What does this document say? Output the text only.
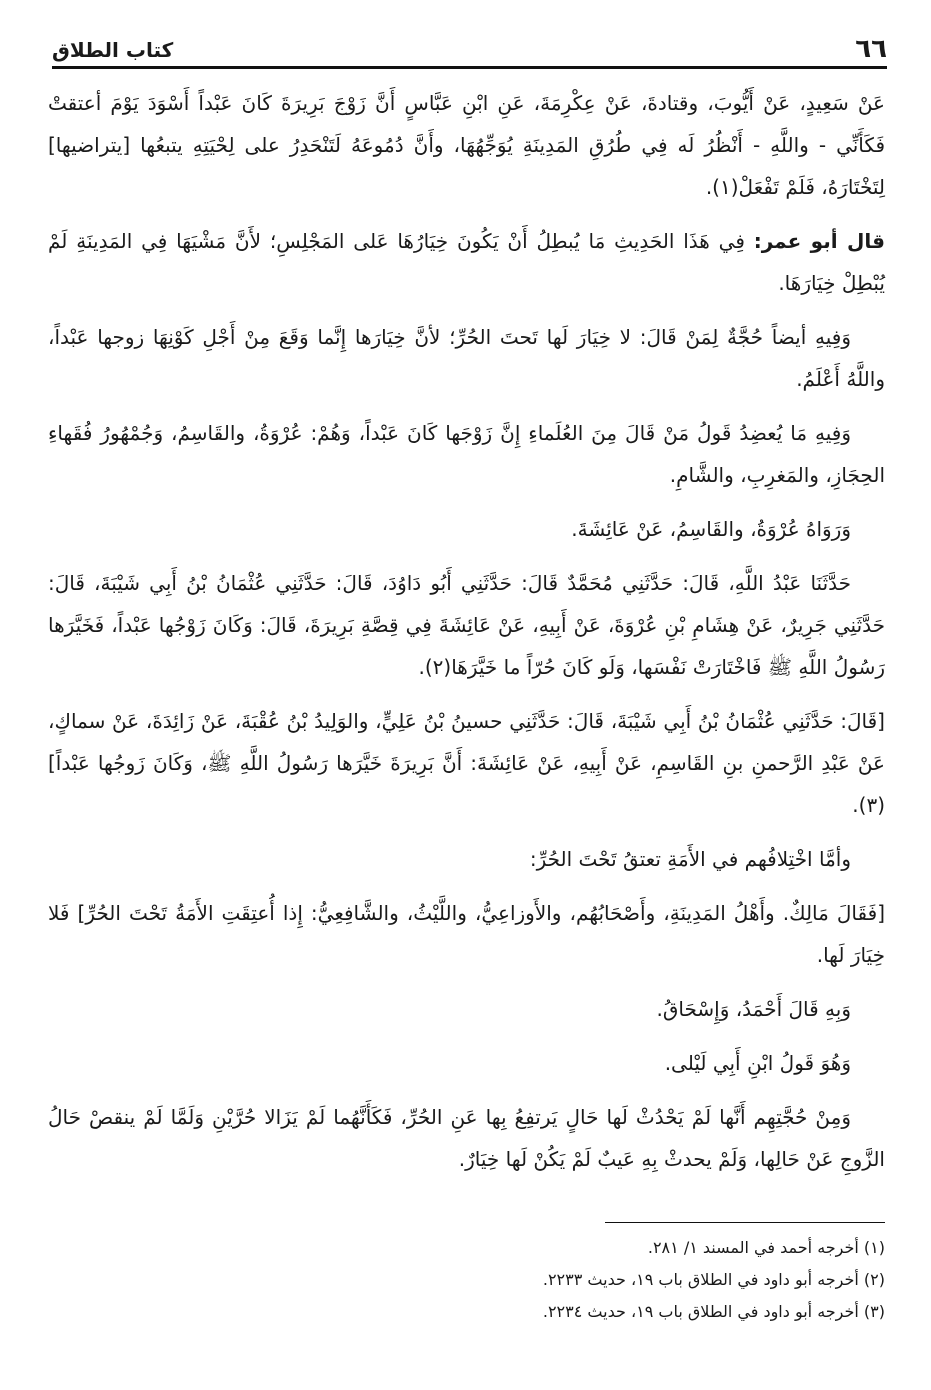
٦٦
كتاب الطلاق

عَنْ سَعِيدٍ، عَنْ أَيُّوبَ، وقتادةَ، عَنْ عِكْرِمَةَ، عَنِ ابْنِ عَبَّاسٍ أَنَّ زَوْجَ بَرِيرَةَ كَانَ عَبْداً أَسْوَدَ يَوْمَ أعتقتْ فَكَأَنِّي - واللَّهِ - أَنْظُرُ لَه فِي طُرُقِ المَدِينَةِ يُوَجِّهُهَا، وأَنَّ دُمُوعَهُ لَتَنْحَدِرُ على لِحْيَتِهِ يتبعُها [يتراضيها] لِتَخْتَارَهُ، فَلَمْ تَفْعَلْ(١).

قال أبو عمر: فِي هَذَا الحَدِيثِ مَا يُبطِلُ أَنْ يَكُونَ خِيَارُهَا عَلى المَجْلِسِ؛ لأَنَّ مَشْيَهَا فِي المَدِينَةِ لَمْ يُبْطِلْ خِيَارَهَا.

وَفِيهِ أيضاً حُجَّةٌ لِمَنْ قَالَ: لا خِيَارَ لَها تَحتَ الحُرِّ؛ لأنَّ خِيَارَها إِنَّما وَقَعَ مِنْ أَجْلِ كَوْنِهَا زوجها عَبْداً، واللَّهُ أَعْلَمُ.

وَفِيهِ مَا يُعضِدُ قَولُ مَنْ قَالَ مِنَ العُلَماءِ إِنَّ زَوْجَها كَانَ عَبْداً، وَهُمْ: عُرْوَةُ، والقَاسِمُ، وَجُمْهُورُ فُقَهاءِ الحِجَازِ، والمَغرِبِ، والشَّامِ.

وَرَوَاهُ عُرْوَةُ، والقَاسِمُ، عَنْ عَائِشَةَ.

حَدَّثَنَا عَبْدُ اللَّهِ، قَالَ: حَدَّثَنِي مُحَمَّدٌ قَالَ: حَدَّثَنِي أَبُو دَاوُدَ، قَالَ: حَدَّثَنِي عُثْمَانُ بْنُ أَبِي شَيْبَةَ، قَالَ: حَدَّثَنِي جَرِيرٌ، عَنْ هِشَامِ بْنِ عُرْوَةَ، عَنْ أَبِيهِ، عَنْ عَائِشَةَ فِي قِصَّةِ بَرِيرَةَ، قَالَ: وَكَانَ زَوْجُها عَبْداً، فَخَيَّرَها رَسُولُ اللَّهِ ﷺ فَاخْتَارَتْ نَفْسَها، وَلَو كَانَ حُرّاً ما خَيَّرَهَا(٢).

[قَالَ: حَدَّثَنِي عُثْمَانُ بْنُ أَبِي شَيْبَةَ، قَالَ: حَدَّثَنِي حسينُ بْنُ عَلِيٍّ، والوَلِيدُ بْنُ عُقْبَةَ، عَنْ زَائِدَةَ، عَنْ سماكٍ، عَنْ عَبْدِ الرَّحمنِ بنِ القَاسِمِ، عَنْ أَبِيهِ، عَنْ عَائِشَةَ: أَنَّ بَرِيرَةَ خَيَّرَها رَسُولُ اللَّهِ ﷺ، وَكَانَ زَوجُها عَبْداً](٣).

وأمَّا اخْتِلافُهم في الأَمَةِ تعتقُ تَحْتَ الحُرِّ:

[فَقَالَ مَالِكٌ. وأَهْلُ المَدِينَةِ، وأَصْحَابُهُم، والأَوزاعِيُّ، واللَّيْثُ، والشَّافِعِيُّ: إِذا أُعتِقَتِ الأَمَةُ تَحْتَ الحُرِّ] فَلا خِيَارَ لَها.

وَبِهِ قَالَ أَحْمَدُ، وَإِسْحَاقُ.

وَهُوَ قَولُ ابْنِ أَبِي لَيْلى.

وَمِنْ حُجَّتِهِم أَنَّها لَمْ يَحْدُثْ لَها حَالٍ يَرتفِعُ بِها عَنِ الحُرِّ، فَكَأَنَّهُما لَمْ يَزَالا حُرَّيْنِ وَلَمَّا لَمْ ينقصْ حَالُ الزَّوجِ عَنْ حَالِها، وَلَمْ يحدثْ بِهِ عَيبٌ لَمْ يَكُنْ لَها خِيَارٌ.

(١) أخرجه أحمد في المسند ١/ ٢٨١.
(٢) أخرجه أبو داود في الطلاق باب ١٩، حديث ٢٢٣٣.
(٣) أخرجه أبو داود في الطلاق باب ١٩، حديث ٢٢٣٤.
